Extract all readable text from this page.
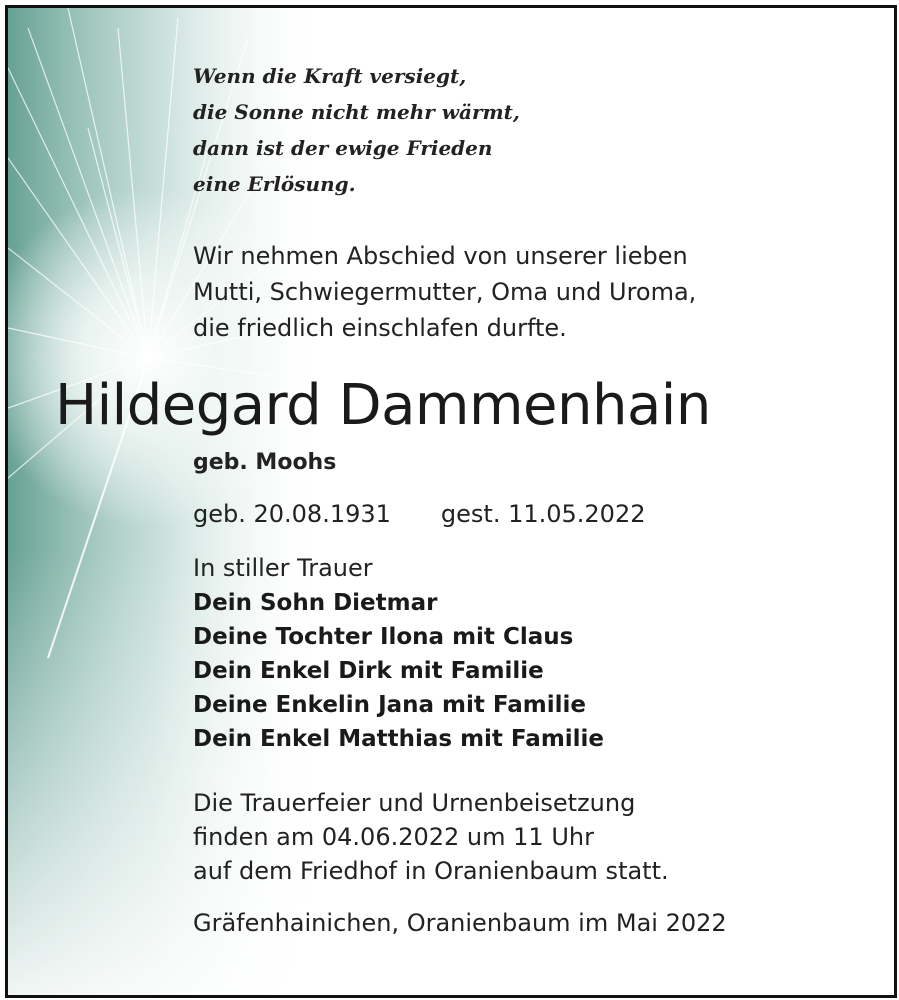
Wenn die Kraft versiegt,
die Sonne nicht mehr wärmt,
dann ist der ewige Frieden
eine Erlösung.
Wir nehmen Abschied von unserer lieben
Mutti, Schwiegermutter, Oma und Uroma,
die friedlich einschlafen durfte.
Hildegard Dammenhain
geb. Moohs
geb. 20.08.1931 gest. 11.05.2022
In stiller Trauer
Dein Sohn Dietmar
Deine Tochter Ilona mit Claus
Dein Enkel Dirk mit Familie
Deine Enkelin Jana mit Familie
Dein Enkel Matthias mit Familie
Die Trauerfeier und Urnenbeisetzung
finden am 04.06.2022 um 11 Uhr
auf dem Friedhof in Oranienbaum statt.
Gräfenhainichen, Oranienbaum im Mai 2022
